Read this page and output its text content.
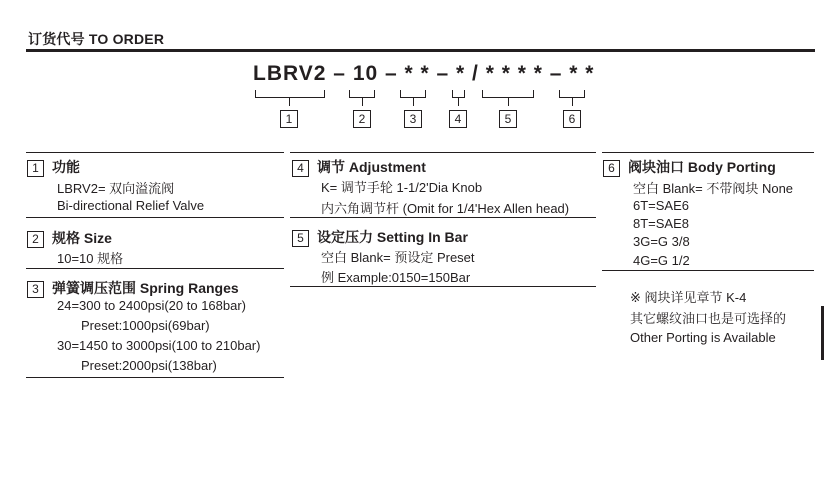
订货代号 TO ORDER
LBRV2 – 10 – * * – * / * * * * – * *
1	2	3	4	5	6
1 功能
LBRV2= 双向溢流阀
Bi-directional Relief Valve
2 规格 Size
10=10 规格
3 弹簧调压范围 Spring Ranges
24=300 to 2400psi(20 to 168bar)
Preset:1000psi(69bar)
30=1450 to 3000psi(100 to 210bar)
Preset:2000psi(138bar)
4 调节 Adjustment
K= 调节手轮 1-1/2'Dia Knob
内六角调节杆 (Omit for 1/4'Hex Allen head)
5 设定压力 Setting In Bar
空白 Blank= 预设定 Preset
例 Example:0150=150Bar
6 阀块油口 Body Porting
空白 Blank= 不带阀块 None
6T=SAE6
8T=SAE8
3G=G 3/8
4G=G 1/2
※ 阀块详见章节 K-4
其它螺纹油口也是可选择的
Other Porting is Available
